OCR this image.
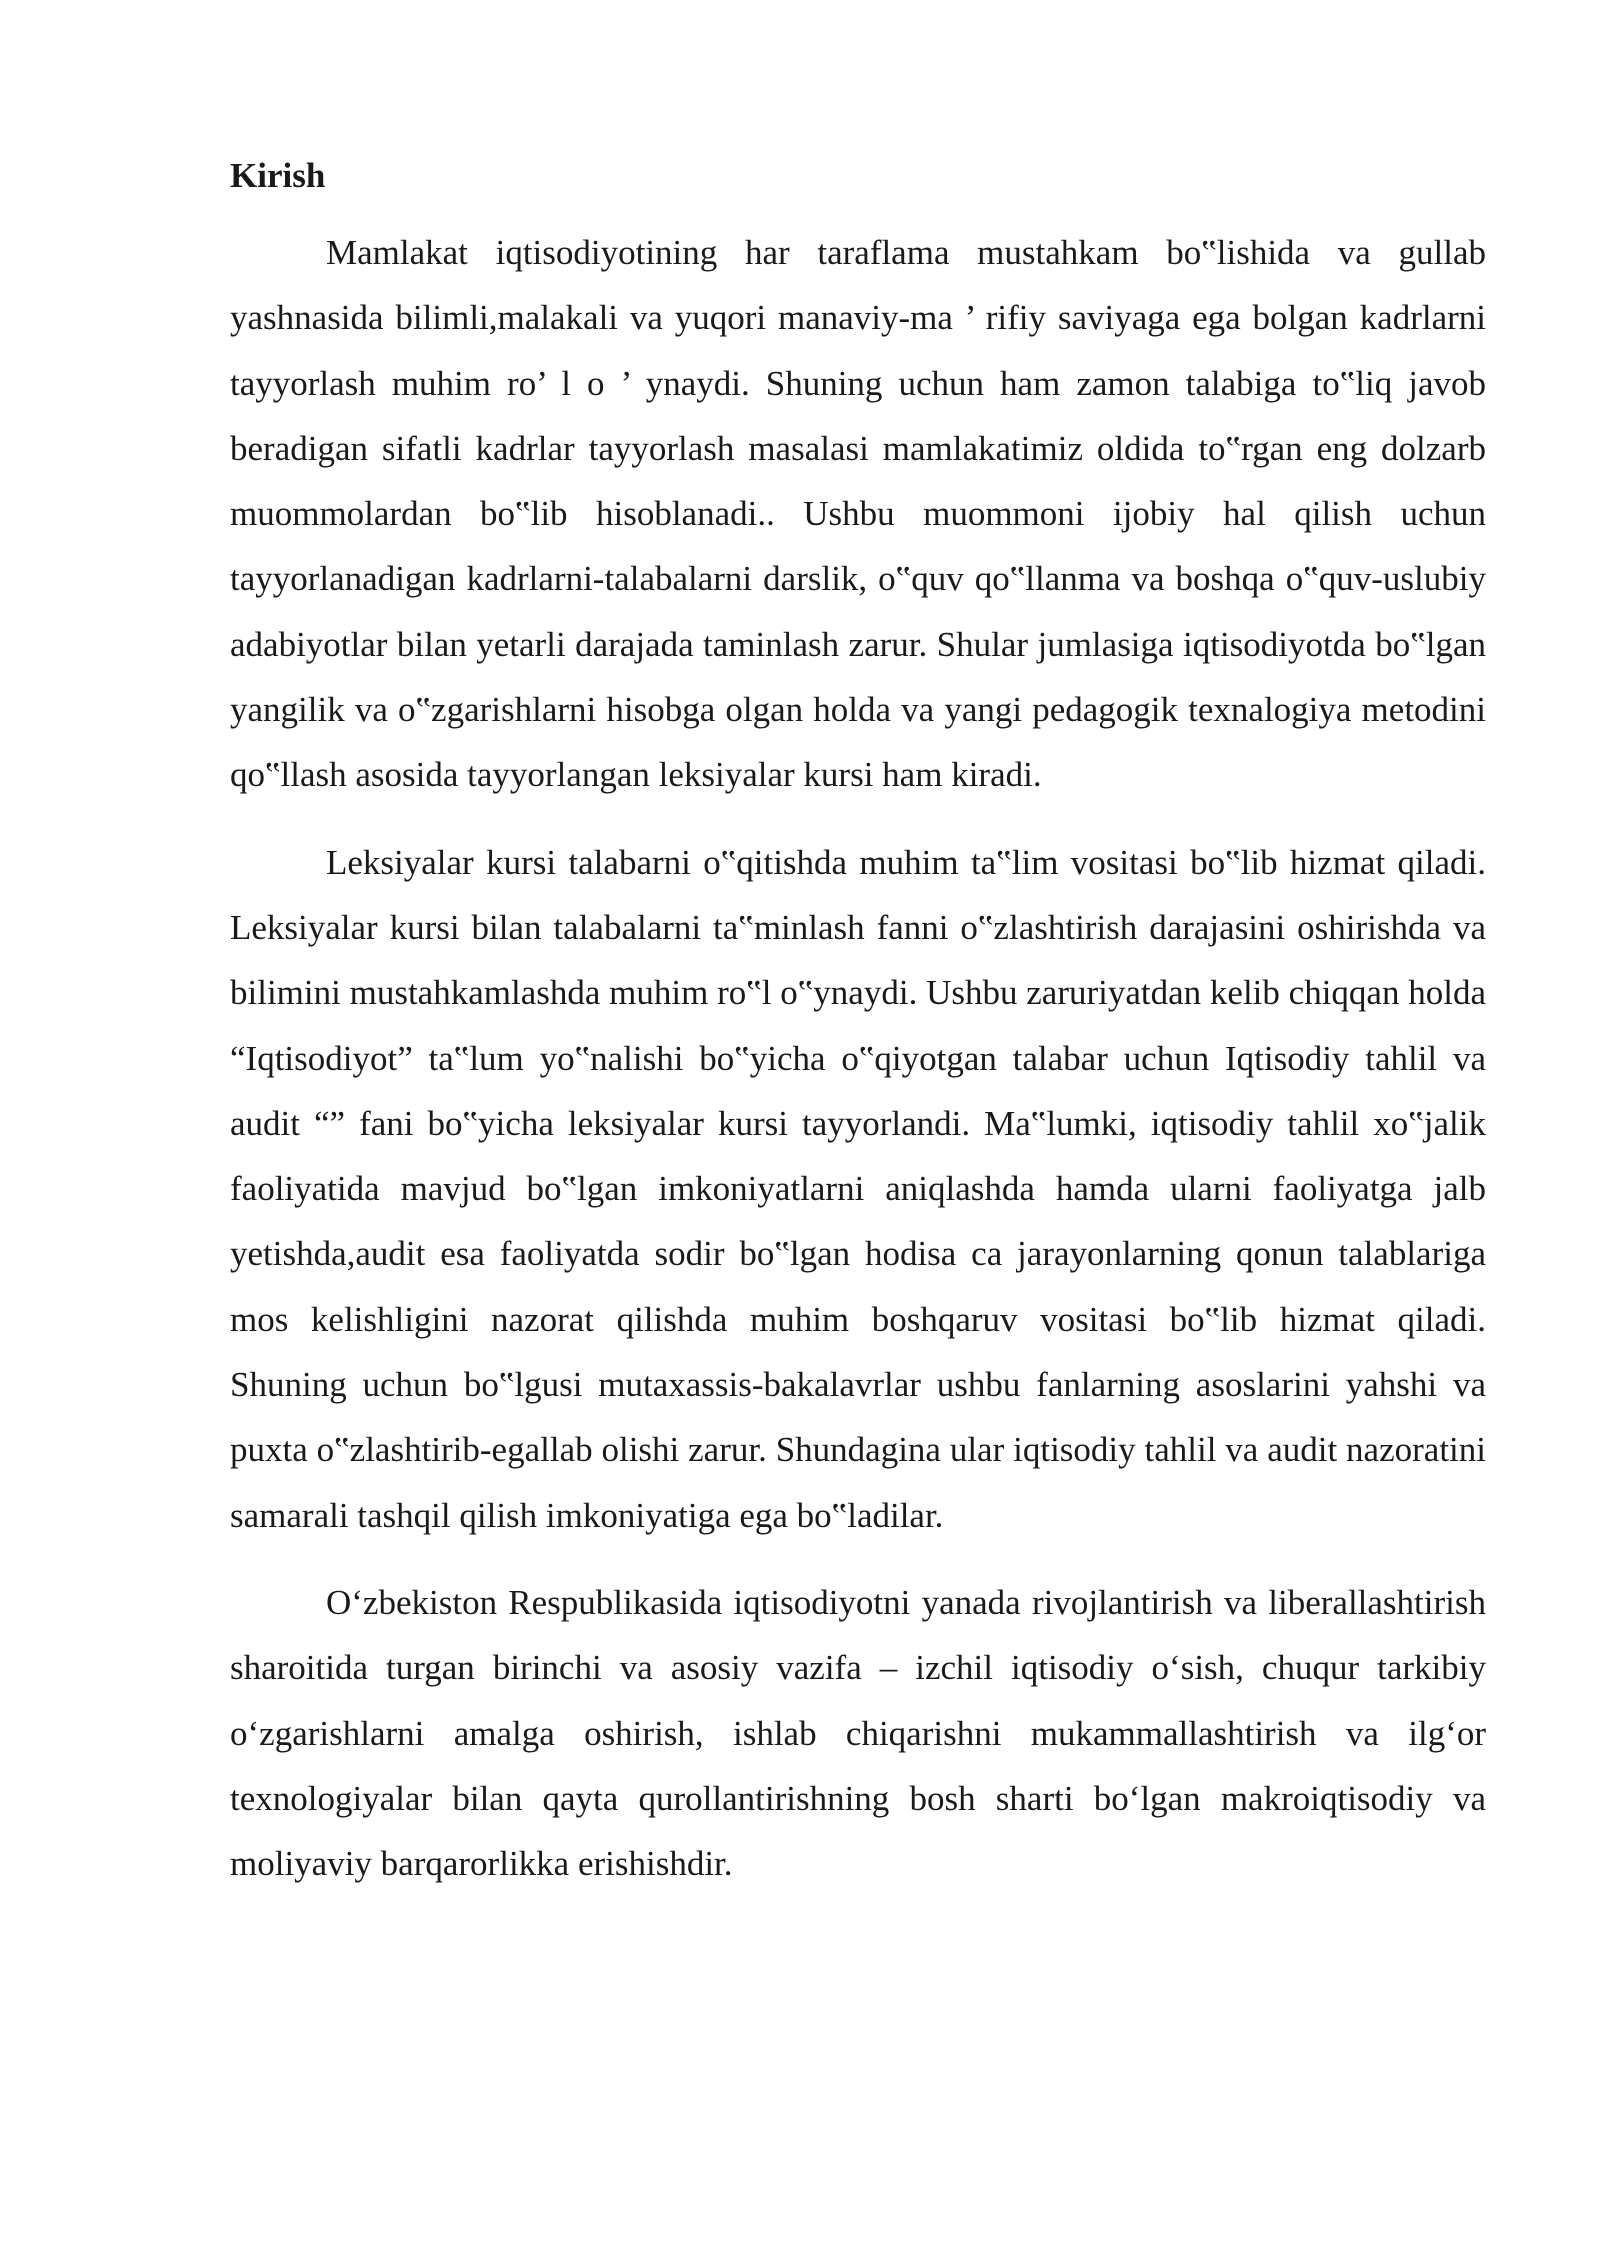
Kirish

Mamlakat iqtisodiyotining har taraflama mustahkam bo‟lishida va gullab yashnasida bilimli,malakali va yuqori manaviy-ma ’ rifiy saviyaga ega bolgan kadrlarni tayyorlash muhim ro’ l o ’ ynaydi. Shuning uchun ham zamon talabiga to‟liq javob beradigan sifatli kadrlar tayyorlash masalasi mamlakatimiz oldida to‟rgan eng dolzarb muommolardan bo‟lib hisoblanadi.. Ushbu muommoni ijobiy hal qilish uchun tayyorlanadigan kadrlarni-talabalarni darslik, o‟quv qo‟llanma va boshqa o‟quv-uslubiy adabiyotlar bilan yetarli darajada taminlash zarur. Shular jumlasiga iqtisodiyotda bo‟lgan yangilik va o‟zgarishlarni hisobga olgan holda va yangi pedagogik texnalogiya metodini qo‟llash asosida tayyorlangan leksiyalar kursi ham kiradi.

Leksiyalar kursi talabarni o‟qitishda muhim ta‟lim vositasi bo‟lib hizmat qiladi. Leksiyalar kursi bilan talabalarni ta‟minlash fanni o‟zlashtirish darajasini oshirishda va bilimini mustahkamlashda muhim ro‟l o‟ynaydi. Ushbu zaruriyatdan kelib chiqqan holda “Iqtisodiyot” ta‟lum yo‟nalishi bo‟yicha o‟qiyotgan talabar uchun Iqtisodiy tahlil va audit “” fani bo‟yicha leksiyalar kursi tayyorlandi. Ma‟lumki, iqtisodiy tahlil xo‟jalik faoliyatida mavjud bo‟lgan imkoniyatlarni aniqlashda hamda ularni faoliyatga jalb yetishda,audit esa faoliyatda sodir bo‟lgan hodisa ca jarayonlarning qonun talablariga mos kelishligini nazorat qilishda muhim boshqaruv vositasi bo‟lib hizmat qiladi. Shuning uchun bo‟lgusi mutaxassis-bakalavrlar ushbu fanlarning asoslarini yahshi va puxta o‟zlashtirib-egallab olishi zarur. Shundagina ular iqtisodiy tahlil va audit nazoratini samarali tashqil qilish imkoniyatiga ega bo‟ladilar.

O‘zbekiston Respublikasida iqtisodiyotni yanada rivojlantirish va liberallashtirish sharoitida turgan birinchi va asosiy vazifa – izchil iqtisodiy o‘sish, chuqur tarkibiy o‘zgarishlarni amalga oshirish, ishlab chiqarishni mukammallashtirish va ilg‘or texnologiyalar bilan qayta qurollantirishning bosh sharti bo‘lgan makroiqtisodiy va moliyaviy barqarorlikka erishishdir.
